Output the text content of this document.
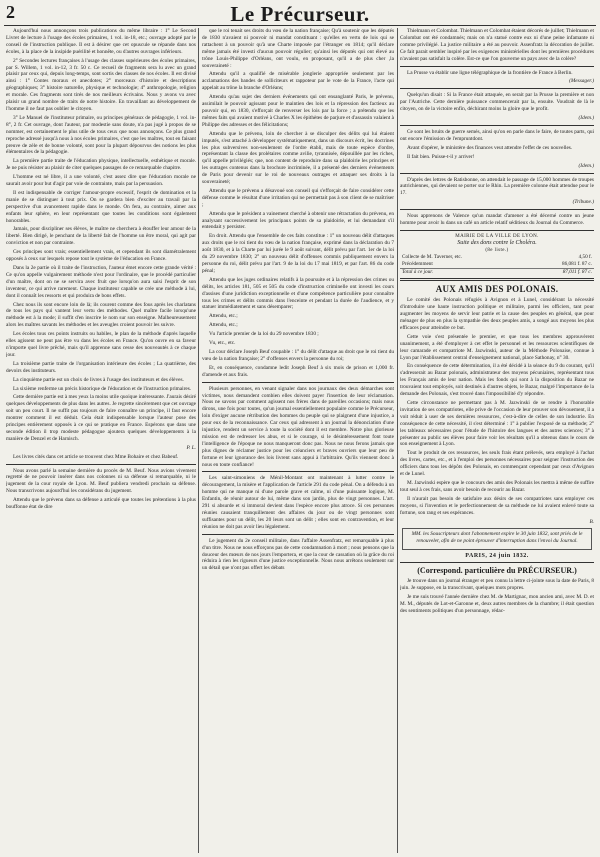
2	Le Précurseur.

Aujourd'hui nous annonçons trois publications du même libraire : 1° Le Second Livret de lecture à l'usage des écoles primaires, 1 vol. in-18, etc.; ouvrage adopté par le conseil de l'instruction publique. Il est à désirer que cet opuscule se répande dans nos écoles, à la place de la insipide puérilité et honnête, ou d'autres ouvrages inférieurs.

2° Secondes lectures françaises à l'usage des classes supérieures des écoles primaires, par S. Willem, 1 vol. in-12, 3 fr. 50 c. Ce recueil de fragments sera lu avec un grand plaisir par ceux qui, depuis long-temps, sont sortis des classes de nos écoles. Il est divisé ainsi : 1° Contes moraux et anecdotes; 2° morceaux d'histoire et descriptions géographiques; 3° histoire naturelle, physique et technologie; 4° anthropologie, religion et morale. Ces fragments sont tirés de nos meilleurs écrivains. Nous y avons vu avec plaisir un grand nombre de traits de notre histoire. En travaillant au développement de l'homme il ne faut pas oublier le citoyen.

3° Le Manuel de l'instituteur primaire, ou principes généraux de pédagogie, 1 vol. in-8°, 2 fr. Cet ouvrage, dont l'auteur, par modestie sans doute, n'a pas jugé à propos de se nommer, est certainement le plus utile de tous ceux que nous annonçons. Ce plus grand reproche adressé jusqu'à nous à nos écoles primaires, c'est que les maîtres, tout en faisant preuve de zèle et de bonne volonté, sont pour la plupart dépourvus des notions les plus élémentaires de la pédagogie.

La première partie traite de l'éducation physique, intellectuelle, esthétique et morale. Je ne puis résister au plaisir de citer quelques passages de ce remarquable chapitre.

L'homme est né libre, il a une volonté, c'est assez dire que l'éducation morale ne saurait avoir pour but d'agir par voie de contrainte, mais par la persuasion.

Il est indispensable de corriger l'amour-propre excessif, l'esprit de domination et la manie de se distinguer à tout prix. On se gardera bien d'exciter au travail par la perspective d'un avancement rapide dans le monde. On fera, au contraire, aimer aux enfants leur sphère, en leur représentant que toutes les conditions sont également honorables.

Jamais, pour discipliner ses élèves, le maître ne cherchera à étouffer leur amour de la liberté. Bien dirigé, le penchant de la liberté fait de l'homme un être moral, qui agit par conviction et non par contrainte.

Ces principes sont vrais; essentiellement vrais, et cependant ils sont diamétralement opposés à ceux sur lesquels repose tout le système de l'éducation en France.

Dans la 2e partie où il traite de l'instruction, l'auteur émet encore cette grande vérité : Ce qu'on appelle vulgairement méthode n'est pour l'ordinaire, que le procédé particulier d'un maître, dont on ne se servira avec fruit que lorsqu'on aura saisi l'esprit de son inventeur, ce qui arrive rarement. Chaque instituteur capable se crée une méthode à lui, dont il connaît les ressorts et qui produira de bons effets.

Chez nous ils sont encore loin de là; ils courent comme des fous après les charlatans de tous les pays qui vantent leur vertu des méthodes. Quel maître facile lorsqu'une méthode est à la mode; il suffit d'en inscrire le nom sur son enseigne. Malheureusement alors les maîtres savants les méthodes et les aveugles croient pouvoir les suivre.

Les écoles tous ces points instruits ou habiles, le plan de la méthode d'après laquelle elles agissent ne peut pas être vu dans les écoles en France. Qu'on ouvre en sa faveur n'importe quel livre prêché, mais qu'il apprenne sans cesse des nouveautés à ce chaque jour.

La troisième partie traite de l'organisation intérieure des écoles ; La quatrième, des devoirs des instituteurs.

La cinquième partie est un choix de livres à l'usage des instituteurs et des élèves.

La sixième renferme un précis historique de l'éducation et de l'instruction primaires.

Cette dernière partie est à mes yeux la moins utile quoique intéressante. J'aurais désiré quelques développements de plus dans les autres. Je regrette sincèrement que cet ouvrage soit un peu court. Il ne suffit pas toujours de faire connaître un principe, il faut encore montrer comment il est déduit. Cela était indispensable lorsque l'auteur pose des principes entièrement opposés à ce qui se pratique en France. Espérons que dans une seconde édition il trop modeste pédagogue ajoutera quelques développements à la manière de Denzel et de Harnisch.

P. L.

Les livres cités dans cet article se trouvent chez Mme Bohaire et chez Babeuf.

Nous avons parlé la semaine dernière du procès de M. Beuf. Nous avions vivement regretté de ne pouvoir insérer dans nos colonnes ni sa défense si remarquable, ni le jugement de la cour royale de Lyon. M. Beuf publiera vendredi prochain sa défense. Nous transcrivons aujourd'hui les considérans du jugement.

Attendu que le prévenu dans sa défense a articulé que toutes les prétentions à la plus bouffonne état de dire

que le roi tenait ses droits du vœu de la nation française; Qu'à soutenir que les députés de 1830 n'avaient ni pouvoir ni mandat constituant : qu'elles en vertu de lois qui se rattachent à un pouvoir qu'à une Charte imposée par l'étranger en 1814; qu'il déclare même jamais été investi d'aucun pouvoir régulier; qu'ainsi les députés qui ont élevé au trône Louis-Philippe d'Orléans, ont voulu, en proposant, qu'il a de plus cher ,la souveraineté :

Attendu qu'il a qualifié de misérable jonglerie appropriée seulement par les acclamations des bandes de solliciteurs et rappoteur par le vote de la France, l'acte qui appelait au trône la branche d'Orléans;

Attendu qu'au sujet des derniers événements qui ont ensanglanté Paris, le prévenu, assimilait le pouvoir agissant pour le maintien des lois et la répression des factieux au pouvoir qui, en 1830, s'efforçait de renverser les lois par la force ; a prétendu que les mêmes faits qui avaient motivé à Charles X les épithètes de parjure et d'assassin valaient à Philippe des adresses et des félicitations;

Attendu que le prévenu, loin de chercher à se disculper des délits qui lui étaient imputés, s'est attaché à développer systématiquement, dans un discours écrit, les doctrines les plus subversives non-seulement de l'ordre établi, mais de toute espèce d'ordre, représentant la classe des prolétaires comme avilie, tyrannisée, dépouillée par les riches, qu'il appelle privilégiés; que, non content de reproduire dans sa plaidoirie les principes et les outrages contenus dans la brochure incriminée, il a présenté des derniers événements de Paris pour devenir sur le roi de nouveaux outrages et attaquer ses droits à la souveraineté;

Attendu que le prévenu a désavoué son conseil qui s'efforçait de faire considérer cette défense comme le résultat d'une irritation qui ne permettait pas à son client de se maîtriser ;

Attendu que le président a vainement cherché à obtenir une rétractation du prévenu, en analysant successivement les principaux points de sa plaidoirie, et lui demandant s'il entendait y persister.

En droit. Attendu que l'ensemble de ces faits constitue : 1° un nouveau délit d'attaques aux droits que le roi tient du vœu de la nation française, exprimé dans la déclaration du 7 août 1830, et à la Charte par lui jurée le 9 août suivant, délit prévu par l'art. 1er de la loi du 29 novembre 1830; 2° un nouveau délit d'offenses commis publiquement envers la personne du roi, délit prévu par l'art. 9 de la loi du 17 mai 1819, et par l'art. 86 du code pénal;

Attendu que les juges ordinaires relatifs à la poursuite et à la répression des crimes ou délits, les articles 181, 505 et 505 du code d'instruction criminelle ont investi les cours d'assises d'une juridiction exceptionnelle et d'une compétence particulière pour connaître tous les crimes et délits commis dans l'enceinte et pendant la durée de l'audience, et y statuer immédiatement et sans désemparer;

Attendu, etc.;

Attendu, etc.;

Vu l'article premier de la loi du 29 novembre 1830 ;

Vu, etc., etc.

La cour déclare Joseph Beuf coupable : 1° du délit d'attaque au droit que le roi tient du vœu de la nation française; 2° d'offenses envers la personne du roi;

Et, en conséquence, condamne ledit Joseph Beuf à six mois de prison et 1,000 fr. d'amende et aux frais.

Plusieurs personnes, en venant signaler dans nos journaux des deux démarches sont victimes, nous demandent combien elles doivent payer l'insertion de leur réclamation. Nous ne savons par comment agissent nos frères dans de pareilles occasions; mais nous dirons, une fois pour toutes, qu'un journal essentiellement populaire comme le Précurseur, loin d'exiger aucune rétribution des hommes du peuple qui se plaignent d'une injustice, a pour eux de la reconnaissance. Car ceux qui adressent à un journal la dénonciation d'une injustice, rendent un service à toute la société dont il est membre. Notre plus glorieuse mission est de redresser les abus, et si le courage, si le désintéressement font toute l'intelligence de l'époque ne nous manqueront donc pas. Nous ne nous ferons jamais que plus dignes de réclamer justice pour les créanciers et braves ouvriers que leur peu de fortune et leur ignorance des lois livrent sans appui à l'arbitraire. Qu'ils viennent donc à nous en toute confiance!

Les saint-simoniens de Ménil-Montant ont maintenant à lutter contre le découragement, la misère et l'application de l'article 291 du code pénal. On a défendu à un homme qui ne manque ni d'une parole grave et calme, ni d'une puissante logique, M. Enfantin, de réunir autour de lui, même dans son jardin, plus de vingt personnes. L'art. 291 si absurde et si immoral devient dans l'espèce encore plus atroce. Si ces personnes réunies causaient tranquillement des affaires du jour ou de vingt personnes sont suffisantes pour un délit, les 20 leurs sont un délit ; elles sont en contravention, et leur réunion ne doit pas avoir lieu légalement.

Le jugement du 2e conseil militaire, dans l'affaire Assenfratz, est remarquable à plus d'un titre. Nous ne nous efforçons pas de cette condamnation à mort ; nous pensons que la douceur des mœurs de nos jours l'emportera, et que la cour de cassation où la grâce du roi réduira à rien les rigueurs d'une justice exceptionnelle. Nous nous arrêtons seulement sur un détail que n'ont pas offert les débats

Thielmann et Colombat. Thielmann et Colombat étaient décorés de juillet; Thielmann et Colombat ont été condamnés; mais on n'a statué contre eux ni d'une peine infamante ni comme privilégié. La justice militaire a été au pouvoir. Assenfratz la décoration de juillet. Ce fait parait sembler inspiré par les exigences ministérielles dont les premières procédures n'avaient pas satisfait la colère. Est-ce que l'on gouverne un pays avec de la colère?

La Prusse va établir une ligne télégraphique de la frontière de France à Berlin.

(Messager.)

Quelqu'un disait : Si la France était attaquée, en serait par la Prusse la première et non par l'Autriche. Cette dernière puissance commencerait par la, ensuite. Voudrait de là le citoyen, on de la victoire enfin, déchirant moins la gloire que le profit.

(Idem.)

Ce sont les bruits de guerre semés, ainsi qu'on en parle dans le faire, de toutes parts, qui ont encore l'émission de l'empruntdont.

Avant d'opérer, le ministère des finances veut attendre l'effet de ces nouvelles.

Il fait bien. Puisse-t-il y arriver!

(Idem.)

D'après des lettres de Ratisbonne, on attendait le passage de 15,000 hommes de troupes autrichiennes, qui devaient se porter sur le Rhin. La première colonne était attendue pour le 17.

(Tribune.)

Nous apprenons de Valence qu'un mandat d'amener a été décerné contre un jeune homme pour avoir lu dans un café un article relatif séditieux du Journal du Commerce.

MAIRIE DE LA VILLE DE LYON.
Suite des dons contre le Choléra.
(8e liste.)
Collecte de M. Taverner, etc.	4,50 f.
Précédemment	86,081 f. 87 c.
Total à ce jour.	87,011 f. 87 c.
AUX AMIS DES POLONAIS.

Le comité des Polonais réfugiés à Avignon et à Lunel, considérant la nécessité d'introduire une haute instruction politique et militaire, parmi les officiers, tant pour augmenter les moyens de servir leur patrie et la cause des peuples en général, que pour ménager de plus en plus la sympathie des deux peuples amis, a songé aux moyens les plus efficaces pour atteindre ce but.

Cette voie s'est présentée le premier, et que tous les membres approuvèrent unanimement, a été d'employer à cet effet le personnel et les ressources scientifiques de leur camarade et compatriote M. Jazwinski, auteur de la Méthode Polonaise, connue à Lyon par l'établissement central d'enseignement national, place Sathonay, n° 30.

En conséquence de cette détermination, il a été décidé à la séance du 9 du courant, qu'il s'adresserait au Bazar polonais, administrateur des moyens pécuniaires, représentant tous les Français amis de leur nation. Mais les fonds qui sont à la disposition du Bazar ne trouvaient tout employés, soit destinés à d'autres objets, le Bazar, malgré l'importance de la demande des Polonais, s'est trouvé dans l'impossibilité d'y répondre.

Cette circonstance ne permettant pas à M. Jazwinski de se rendre à l'honorable invitation de ses compatriotes, elle prive de l'occasion de leur prouver son dévouement, il a voit réduit à user de ses dernières ressources, c'est-à-dire de celles de son industrie. En conséquence de cette nécessité, il s'est déterminé : 1° à publier l'exposé de sa méthode; 2° les tableaux nécessaires pour l'étude de l'histoire des langues et des autres sciences; 3° à présenter au public ses élèves pour faire voir les résultats qu'il a obtenus dans le cours de son enseignement à Lyon.

Tout le produit de ces ressources, les seuls frais étant prélevés, sera employé à l'achat des livres, cartes, etc., et à l'emploi des personnes nécessaires pour seigner l'instruction des officiers dans tous les dépôts des Polonais, en commençant cependant par ceux d'Avignon et de Lunel.

M. Jazwinski espère que le concours des amis des Polonais les mettra à même de suffire tout seul à ces frais, sans avoir besoin de recourir au Bazar.

Il n'aurait pas besoin de satisfaire aux désirs de ses compatriotes sans employer ces moyens, si l'invention et le perfectionnement de sa méthode ne lui avaient enlevé toute sa fortune, son rang et ses espérances.

B.

MM. les Souscripteurs dont l'abonnement expire le 30 juin 1832, sont priés de le renouveler, afin de ne point éprouver d'interruption dans l'envoi du Journal.

PARIS, 24 juin 1832.
(Correspond. particulière du PRÉCURSEUR.)

Je trouve dans un journal étranger et peu connu la lettre ci-jointe sous la date de Paris, 8 juin. Je suppose, en la transcrivant, quelques mots propres.

Je me suis trouvé l'année dernière chez M. de Martignac, mon ancien ami, avec M. D. et M. M., députés de Lot-et-Garonne et, deux autres membres de la chambre; il était question des sentiments politiques d'un personnage, rédac-
